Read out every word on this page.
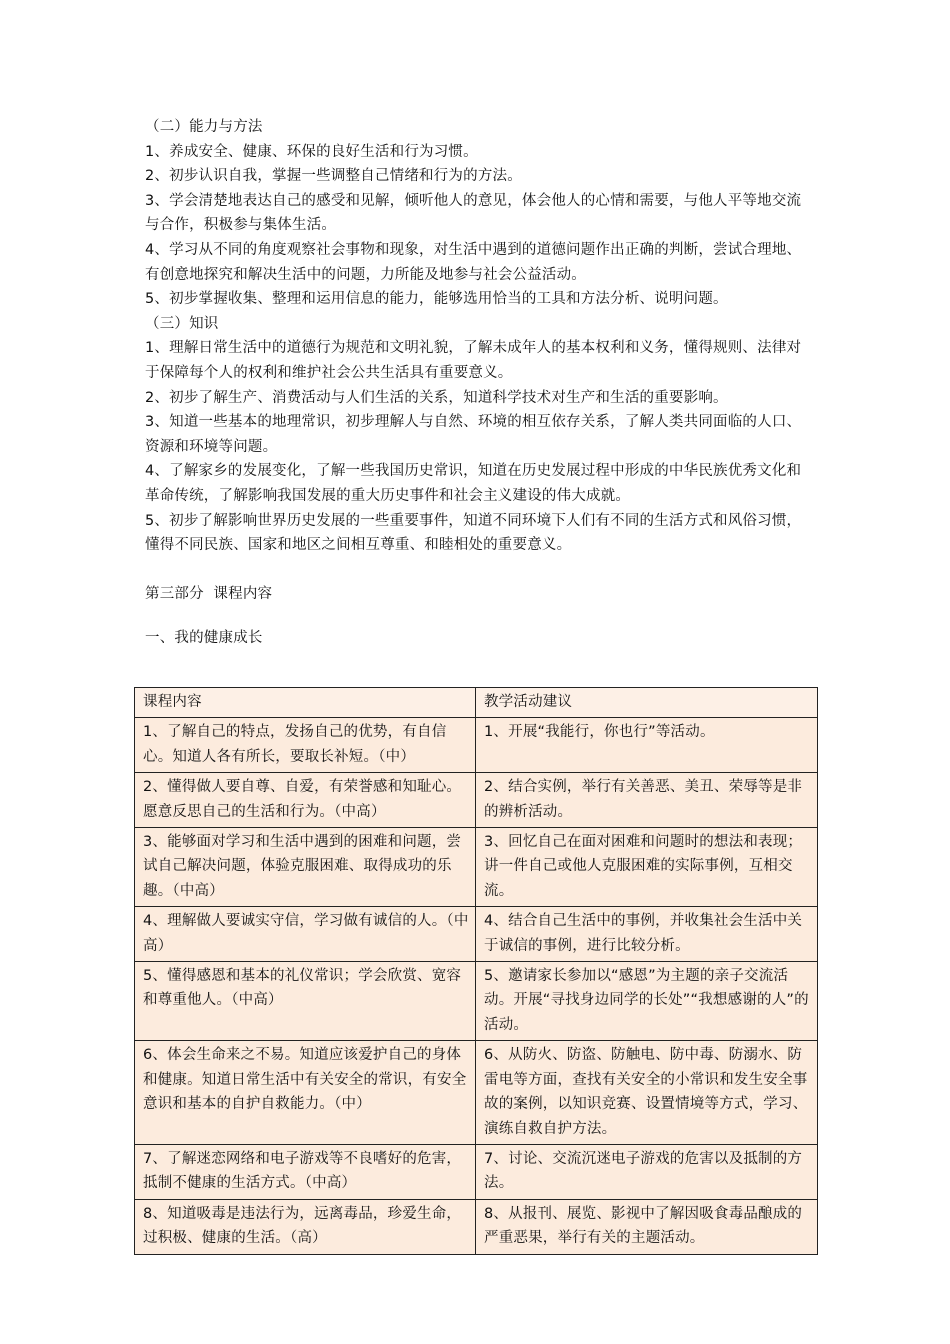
（二）能力与方法

1、养成安全、健康、环保的良好生活和行为习惯。

2、初步认识自我，掌握一些调整自己情绪和行为的方法。

3、学会清楚地表达自己的感受和见解，倾听他人的意见，体会他人的心情和需要，与他人平等地交流与合作，积极参与集体生活。

4、学习从不同的角度观察社会事物和现象，对生活中遇到的道德问题作出正确的判断，尝试合理地、有创意地探究和解决生活中的问题，力所能及地参与社会公益活动。

5、初步掌握收集、整理和运用信息的能力，能够选用恰当的工具和方法分析、说明问题。

（三）知识

1、理解日常生活中的道德行为规范和文明礼貌，了解未成年人的基本权利和义务，懂得规则、法律对于保障每个人的权利和维护社会公共生活具有重要意义。

2、初步了解生产、消费活动与人们生活的关系，知道科学技术对生产和生活的重要影响。

3、知道一些基本的地理常识，初步理解人与自然、环境的相互依存关系，了解人类共同面临的人口、资源和环境等问题。

4、了解家乡的发展变化，了解一些我国历史常识，知道在历史发展过程中形成的中华民族优秀文化和革命传统，了解影响我国发展的重大历史事件和社会主义建设的伟大成就。

5、初步了解影响世界历史发展的一些重要事件，知道不同环境下人们有不同的生活方式和风俗习惯，懂得不同民族、国家和地区之间相互尊重、和睦相处的重要意义。

第三部分  课程内容

一、我的健康成长

课程内容	教学活动建议
1、了解自己的特点，发扬自己的优势，有自信心。知道人各有所长，要取长补短。（中）	1、开展“我能行，你也行”等活动。
2、懂得做人要自尊、自爱，有荣誉感和知耻心。愿意反思自己的生活和行为。（中高）	2、结合实例，举行有关善恶、美丑、荣辱等是非的辨析活动。
3、能够面对学习和生活中遇到的困难和问题，尝试自己解决问题，体验克服困难、取得成功的乐趣。（中高）	3、回忆自己在面对困难和问题时的想法和表现；讲一件自己或他人克服困难的实际事例，互相交流。
4、理解做人要诚实守信，学习做有诚信的人。（中高）	4、结合自己生活中的事例，并收集社会生活中关于诚信的事例，进行比较分析。
5、懂得感恩和基本的礼仪常识；学会欣赏、宽容和尊重他人。（中高）	5、邀请家长参加以“感恩”为主题的亲子交流活动。开展“寻找身边同学的长处”“我想感谢的人”的活动。
6、体会生命来之不易。知道应该爱护自己的身体和健康。知道日常生活中有关安全的常识，有安全意识和基本的自护自救能力。（中）	6、从防火、防盗、防触电、防中毒、防溺水、防雷电等方面，查找有关安全的小常识和发生安全事故的案例，以知识竞赛、设置情境等方式，学习、演练自救自护方法。
7、了解迷恋网络和电子游戏等不良嗜好的危害，抵制不健康的生活方式。（中高）	7、讨论、交流沉迷电子游戏的危害以及抵制的方法。
8、知道吸毒是违法行为，远离毒品，珍爱生命，过积极、健康的生活。（高）	8、从报刊、展览、影视中了解因吸食毒品酿成的严重恶果，举行有关的主题活动。
